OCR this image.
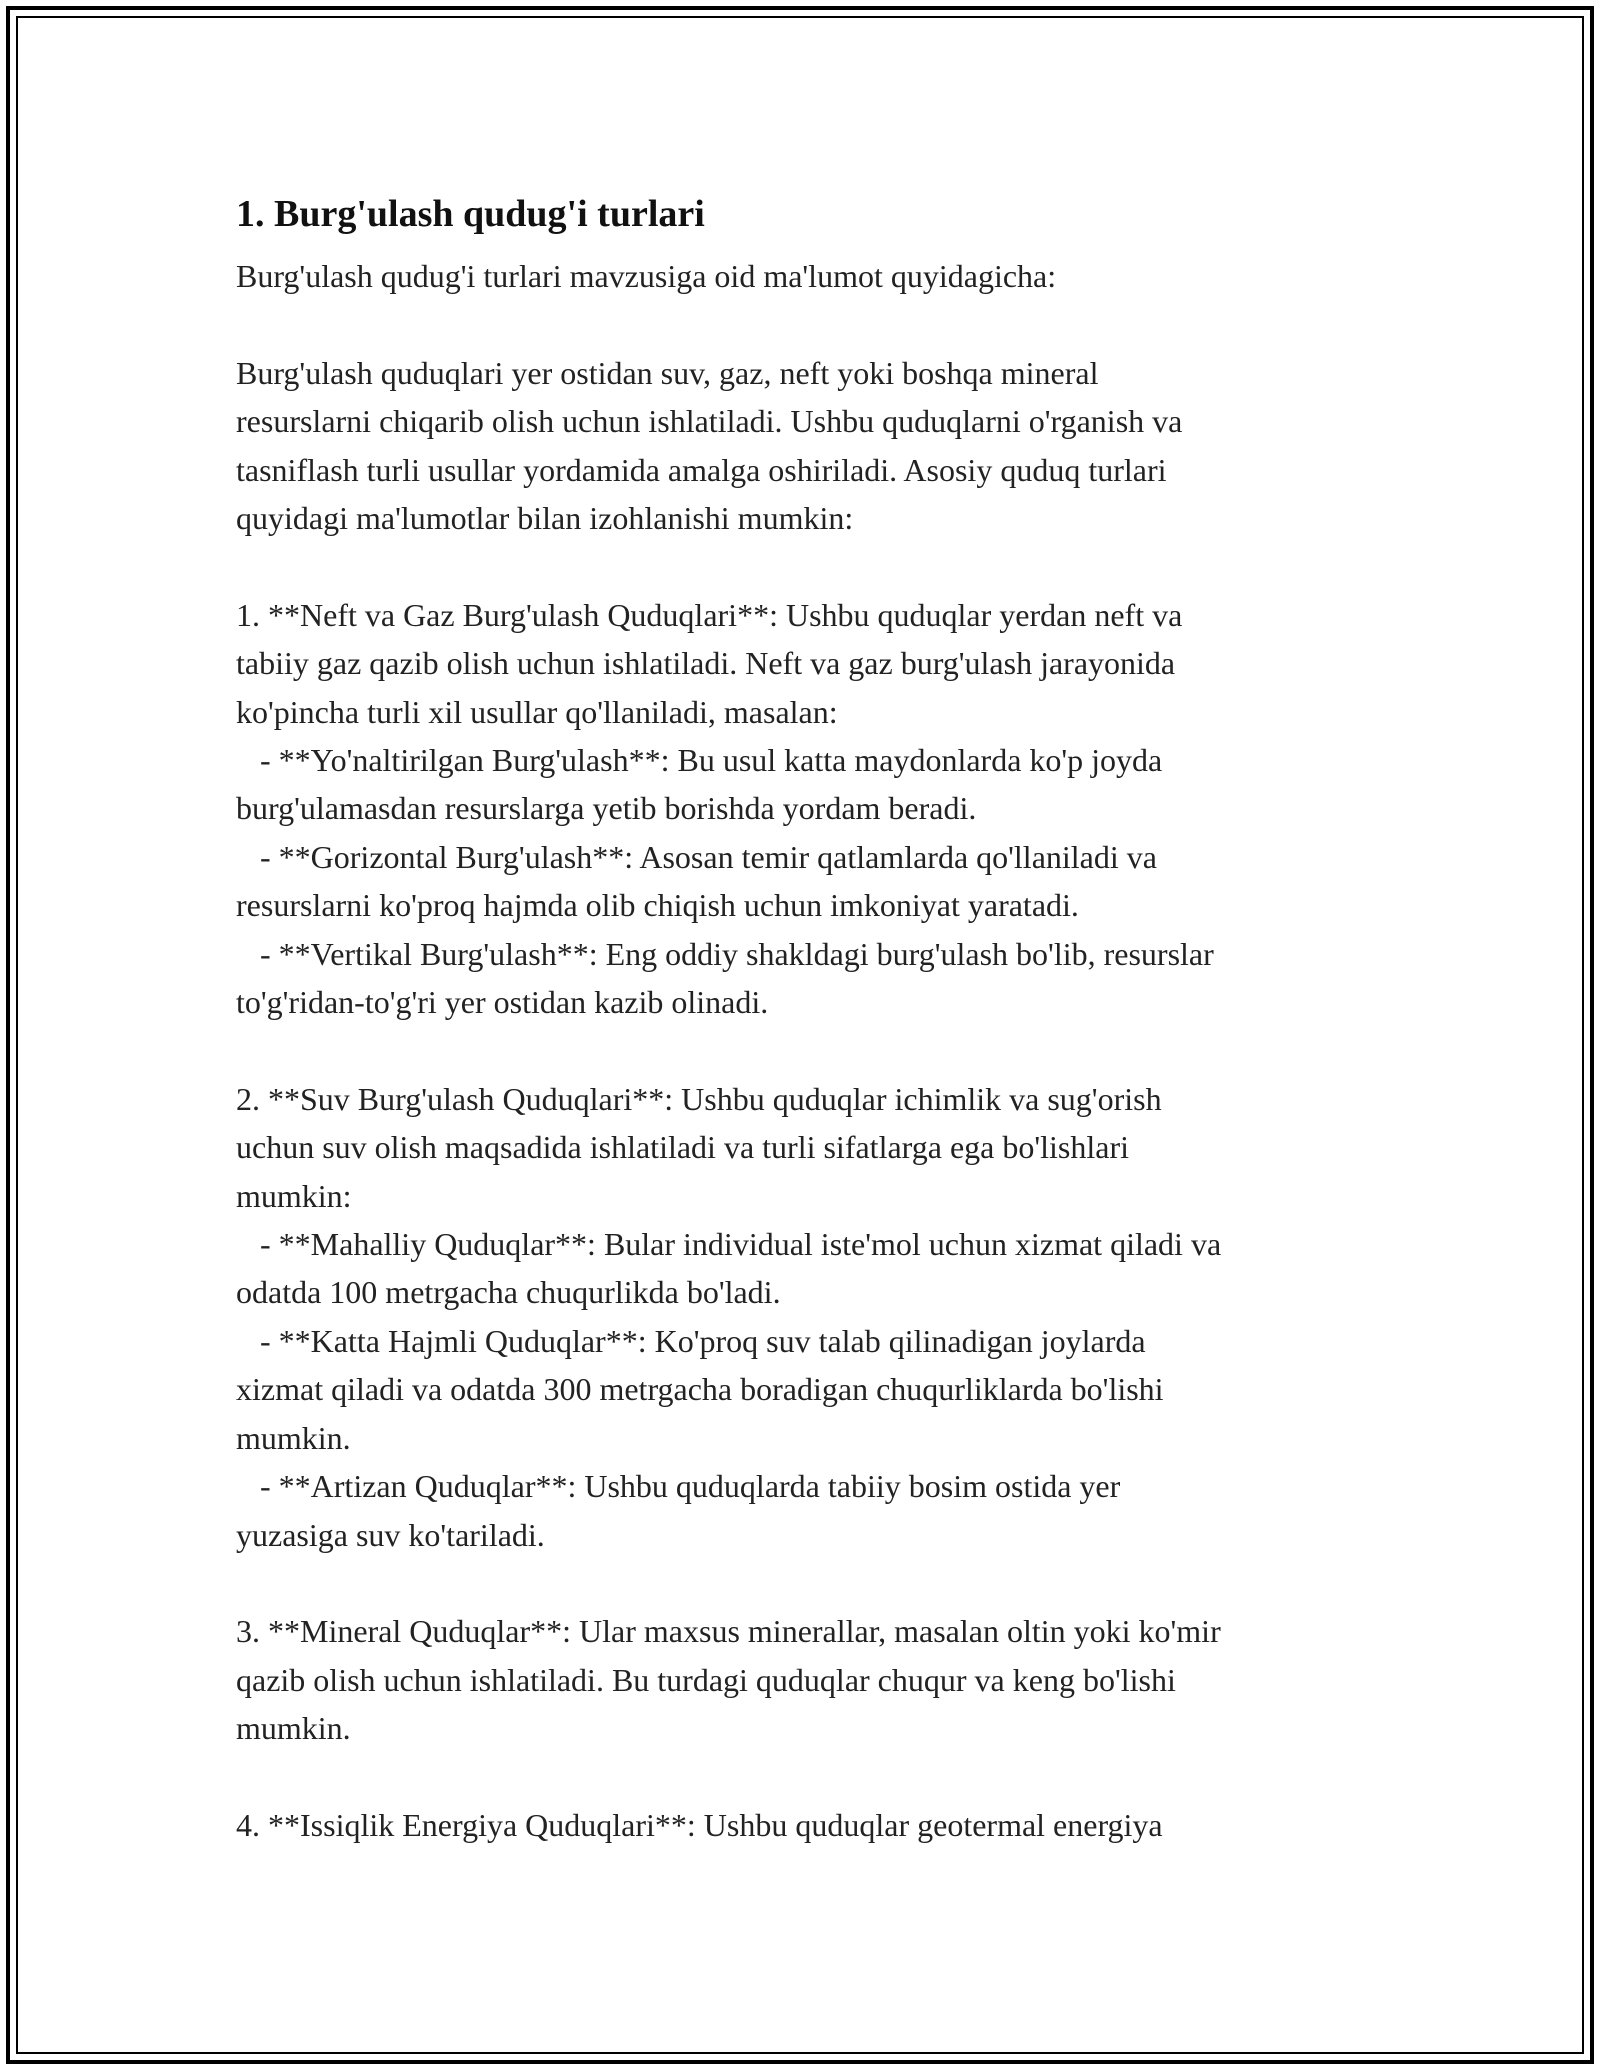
1. Burg'ulash qudug'i turlari
Burg'ulash qudug'i turlari mavzusiga oid ma'lumot quyidagicha:
Burg'ulash quduqlari yer ostidan suv, gaz, neft yoki boshqa mineral
resurslarni chiqarib olish uchun ishlatiladi. Ushbu quduqlarni o'rganish va
tasniflash turli usullar yordamida amalga oshiriladi. Asosiy quduq turlari
quyidagi ma'lumotlar bilan izohlanishi mumkin:
1. **Neft va Gaz Burg'ulash Quduqlari**: Ushbu quduqlar yerdan neft va
tabiiy gaz qazib olish uchun ishlatiladi. Neft va gaz burg'ulash jarayonida
ko'pincha turli xil usullar qo'llaniladi, masalan:
- **Yo'naltirilgan Burg'ulash**: Bu usul katta maydonlarda ko'p joyda
burg'ulamasdan resurslarga yetib borishda yordam beradi.
- **Gorizontal Burg'ulash**: Asosan temir qatlamlarda qo'llaniladi va
resurslarni ko'proq hajmda olib chiqish uchun imkoniyat yaratadi.
- **Vertikal Burg'ulash**: Eng oddiy shakldagi burg'ulash bo'lib, resurslar
to'g'ridan-to'g'ri yer ostidan kazib olinadi.
2. **Suv Burg'ulash Quduqlari**: Ushbu quduqlar ichimlik va sug'orish
uchun suv olish maqsadida ishlatiladi va turli sifatlarga ega bo'lishlari
mumkin:
- **Mahalliy Quduqlar**: Bular individual iste'mol uchun xizmat qiladi va
odatda 100 metrgacha chuqurlikda bo'ladi.
- **Katta Hajmli Quduqlar**: Ko'proq suv talab qilinadigan joylarda
xizmat qiladi va odatda 300 metrgacha boradigan chuqurliklarda bo'lishi
mumkin.
- **Artizan Quduqlar**: Ushbu quduqlarda tabiiy bosim ostida yer
yuzasiga suv ko'tariladi.
3. **Mineral Quduqlar**: Ular maxsus minerallar, masalan oltin yoki ko'mir
qazib olish uchun ishlatiladi. Bu turdagi quduqlar chuqur va keng bo'lishi
mumkin.
4. **Issiqlik Energiya Quduqlari**: Ushbu quduqlar geotermal energiya
